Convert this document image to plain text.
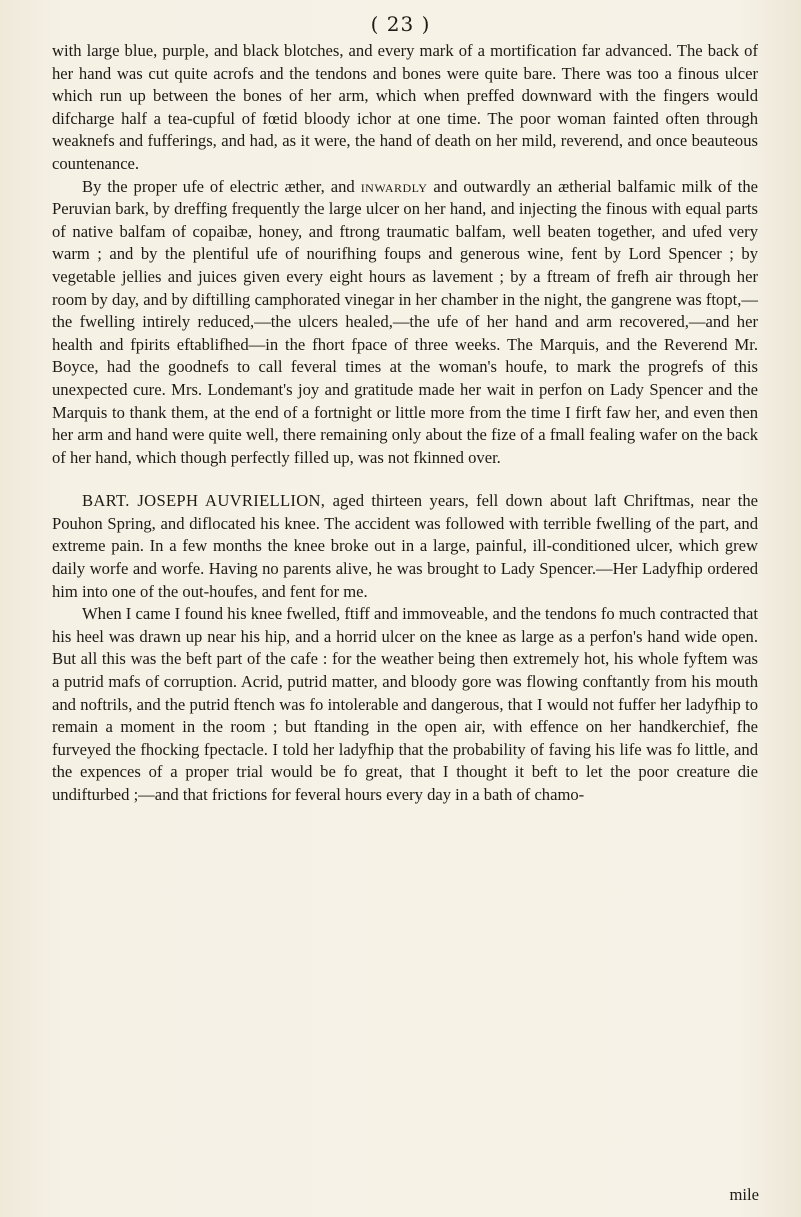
( 23 )

with large blue, purple, and black blotches, and every mark of a mortification far advanced. The back of her hand was cut quite acrofs and the tendons and bones were quite bare. There was too a finous ulcer which run up between the bones of her arm, which when preffed downward with the fingers would difcharge half a tea-cupful of fœtid bloody ichor at one time. The poor woman fainted often through weaknefs and fufferings, and had, as it were, the hand of death on her mild, reverend, and once beauteous countenance.

By the proper ufe of electric æther, and inwardly and outwardly an ætherial balfamic milk of the Peruvian bark, by dreffing frequently the large ulcer on her hand, and injecting the finous with equal parts of native balfam of copaibæ, honey, and ftrong traumatic balfam, well beaten together, and ufed very warm ; and by the plentiful ufe of nourifhing foups and generous wine, fent by Lord Spencer ; by vegetable jellies and juices given every eight hours as lavement ; by a ftream of frefh air through her room by day, and by diftilling camphorated vinegar in her chamber in the night, the gangrene was ftopt,—the fwelling intirely reduced,—the ulcers healed,—the ufe of her hand and arm recovered,—and her health and fpirits eftablifhed—in the fhort fpace of three weeks. The Marquis, and the Reverend Mr. Boyce, had the goodnefs to call feveral times at the woman's houfe, to mark the progrefs of this unexpected cure. Mrs. Londemant's joy and gratitude made her wait in perfon on Lady Spencer and the Marquis to thank them, at the end of a fortnight or little more from the time I firft faw her, and even then her arm and hand were quite well, there remaining only about the fize of a fmall fealing wafer on the back of her hand, which though perfectly filled up, was not fkinned over.

BART. JOSEPH AUVRIELLION, aged thirteen years, fell down about laft Chriftmas, near the Pouhon Spring, and diflocated his knee. The accident was followed with terrible fwelling of the part, and extreme pain. In a few months the knee broke out in a large, painful, ill-conditioned ulcer, which grew daily worfe and worfe. Having no parents alive, he was brought to Lady Spencer.—Her Ladyfhip ordered him into one of the out-houfes, and fent for me.

When I came I found his knee fwelled, ftiff and immoveable, and the tendons fo much contracted that his heel was drawn up near his hip, and a horrid ulcer on the knee as large as a perfon's hand wide open. But all this was the beft part of the cafe : for the weather being then extremely hot, his whole fyftem was a putrid mafs of corruption. Acrid, putrid matter, and bloody gore was flowing conftantly from his mouth and noftrils, and the putrid ftench was fo intolerable and dangerous, that I would not fuffer her ladyfhip to remain a moment in the room ; but ftanding in the open air, with effence on her handkerchief, fhe furveyed the fhocking fpectacle. I told her ladyfhip that the probability of faving his life was fo little, and the expences of a proper trial would be fo great, that I thought it beft to let the poor creature die undifturbed ;—and that frictions for feveral hours every day in a bath of chamo-

mile
